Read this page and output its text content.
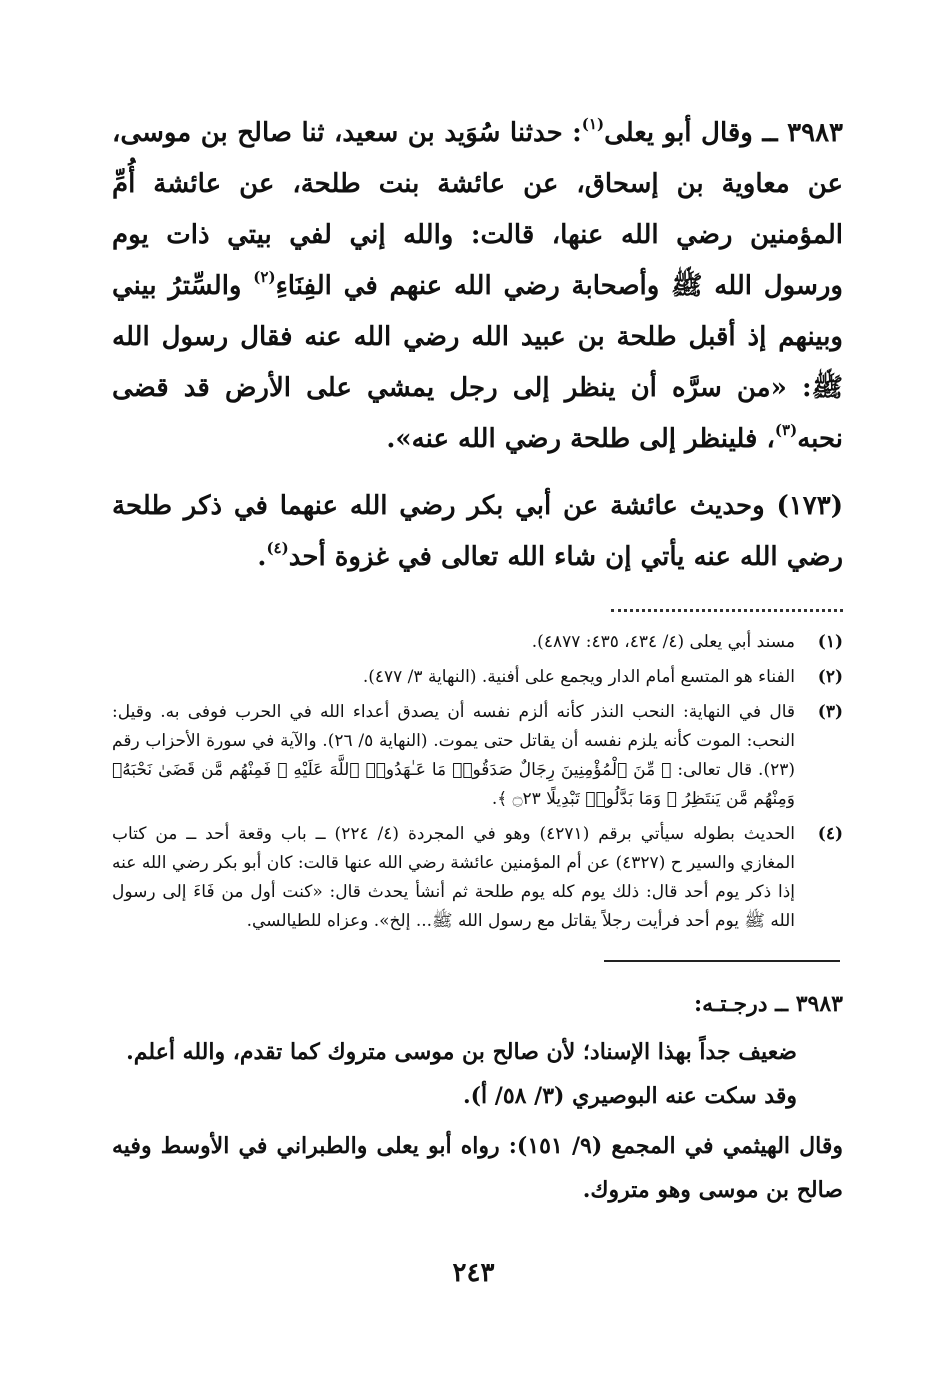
٣٩٨٣ ــ وقال أبو يعلى$^{(١)}$: حدثنا سُوَيد بن سعيد، ثنا صالح بن موسى، عن معاوية بن إسحاق، عن عائشة بنت طلحة، عن عائشة أُمِّ المؤمنين رضي الله عنها، قالت: والله إني لفي بيتي ذات يوم ورسول الله ﷺ وأصحابة رضي الله عنهم في الفِنَاءِ$^{(٢)}$ والسِّترُ بيني وبينهم إذ أقبل طلحة بن عبيد الله رضي الله عنه فقال رسول الله ﷺ: «من سرَّه أن ينظر إلى رجل يمشي على الأرض قد قضى نحبه$^{(٣)}$، فلينظر إلى طلحة رضي الله عنه».

(١٧٣) وحديث عائشة عن أبي بكر رضي الله عنهما في ذكر طلحة رضي الله عنه يأتي إن شاء الله تعالى في غزوة أحد$^{(٤)}$.

(١)
مسند أبي يعلى (٤/ ٤٣٤، ٤٣٥: ٤٨٧٧).
(٢)
الفناء هو المتسع أمام الدار ويجمع على أفنية. (النهاية ٣/ ٤٧٧).
(٣)
قال في النهاية: النحب النذر كأنه ألزم نفسه أن يصدق أعداء الله في الحرب فوفى به. وقيل: النحب: الموت كأنه يلزم نفسه أن يقاتل حتى يموت. (النهاية ٥/ ٢٦). والآية في سورة الأحزاب رقم (٢٣). قال تعالى: ﴿ مِّنَ ٱلْمُؤْمِنِينَ رِجَالٌ صَدَقُوا۟ مَا عَـٰهَدُوا۟ ٱللَّهَ عَلَيْهِ ۖ فَمِنْهُم مَّن قَضَىٰ نَحْبَهُۥ وَمِنْهُم مَّن يَنتَظِرُ ۖ وَمَا بَدَّلُوا۟ تَبْدِيلًا ۝٢٣ ﴾.
(٤)
الحديث بطوله سيأتي برقم (٤٢٧١) وهو في المجردة (٤/ ٢٢٤) ــ باب وقعة أحد ــ من كتاب المغازي والسير ح (٤٣٢٧) عن أم المؤمنين عائشة رضي الله عنها قالت: كان أبو بكر رضي الله عنه إذا ذكر يوم أحد قال: ذلك يوم كله يوم طلحة ثم أنشأ يحدث قال: «كنت أول من فَاءَ إلى رسول الله ﷺ يوم أحد فرأيت رجلاً يقاتل مع رسول الله ﷺ... إلخ». وعزاه للطيالسي.

٣٩٨٣ ــ درجـتـه:

ضعيف جداً بهذا الإسناد؛ لأن صالح بن موسى متروك كما تقدم، والله أعلم.

وقد سكت عنه البوصيري (٣/ ٥٨/ أ).

وقال الهيثمي في المجمع (٩/ ١٥١): رواه أبو يعلى والطبراني في الأوسط وفيه صالح بن موسى وهو متروك.

٢٤٣
